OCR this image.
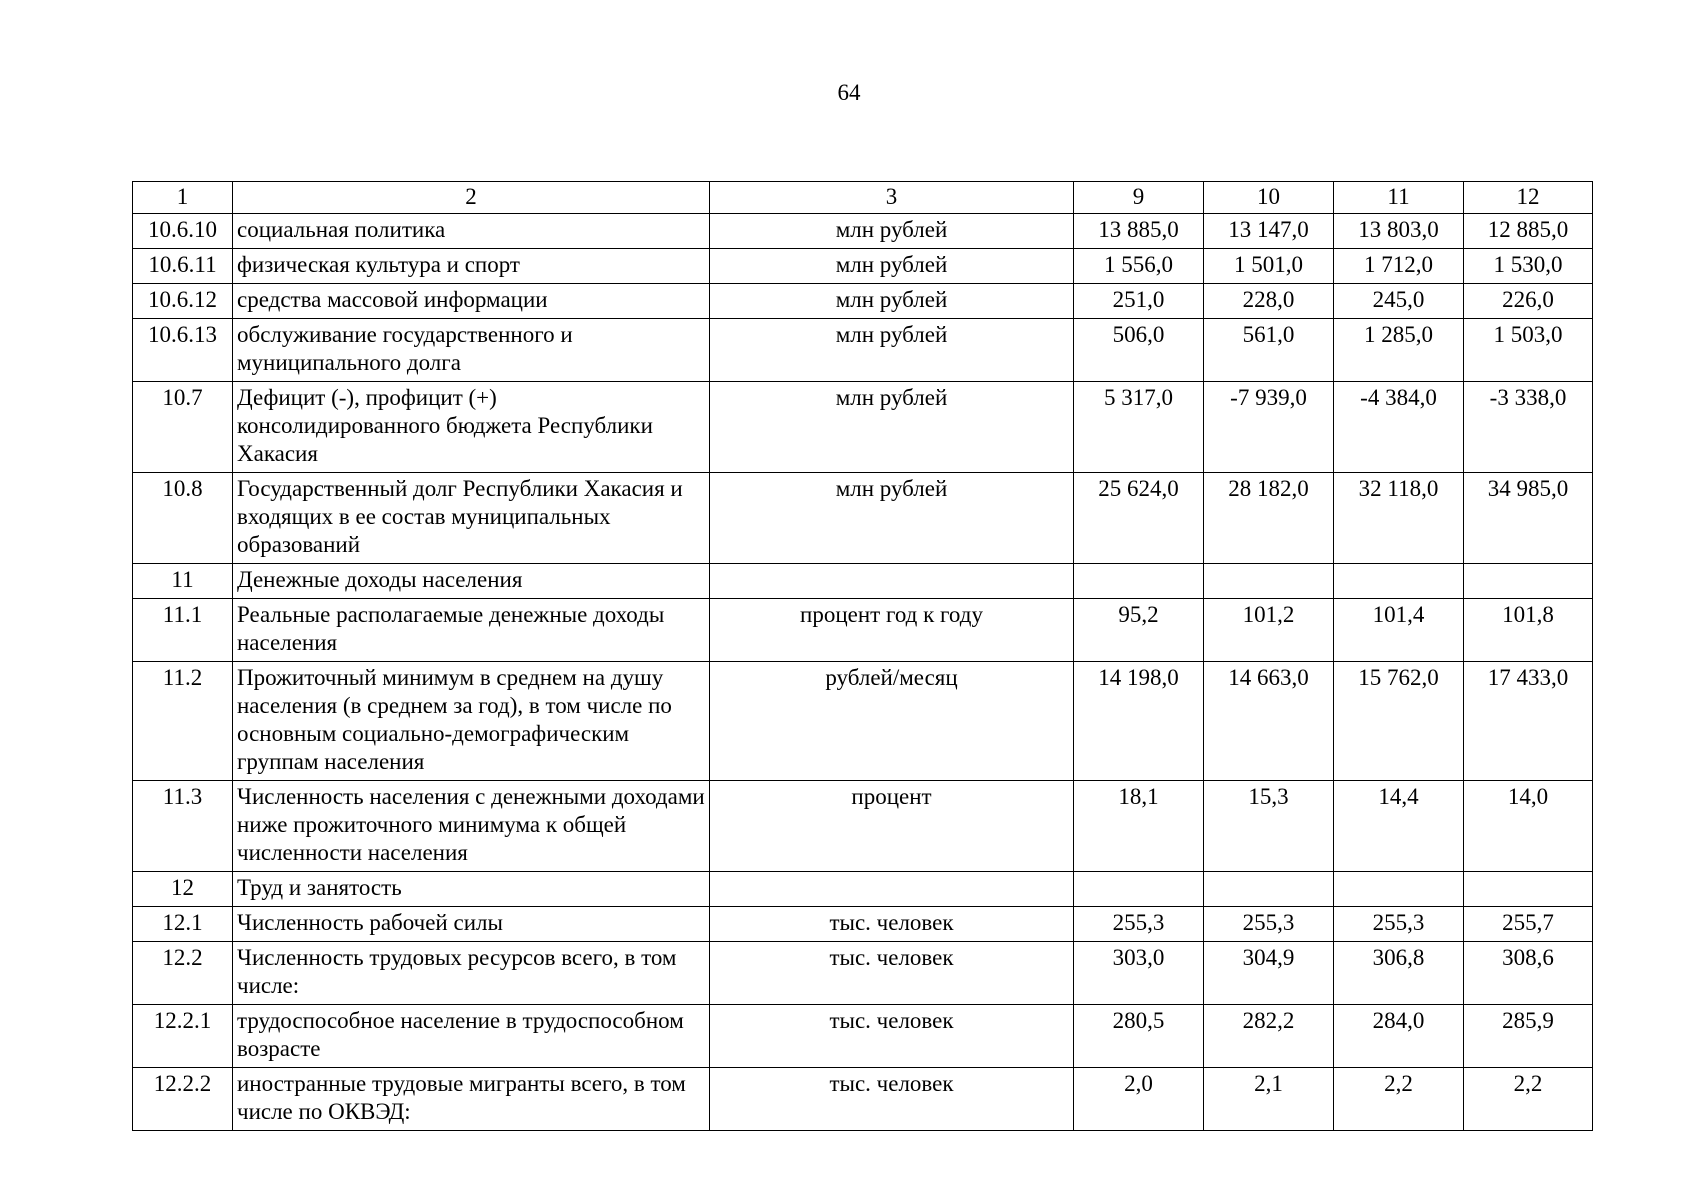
64
1	2	3	9	10	11	12
10.6.10	социальная политика	млн рублей	13 885,0	13 147,0	13 803,0	12 885,0
10.6.11	физическая культура и спорт	млн рублей	1 556,0	1 501,0	1 712,0	1 530,0
10.6.12	средства массовой информации	млн рублей	251,0	228,0	245,0	226,0
10.6.13	обслуживание государственного и муниципального долга	млн рублей	506,0	561,0	1 285,0	1 503,0
10.7	Дефицит (-), профицит (+) консолидированного бюджета Республики Хакасия	млн рублей	5 317,0	-7 939,0	-4 384,0	-3 338,0
10.8	Государственный долг Республики Хакасия и входящих в ее состав муниципальных образований	млн рублей	25 624,0	28 182,0	32 118,0	34 985,0
11	Денежные доходы населения					
11.1	Реальные располагаемые денежные доходы населения	процент год к году	95,2	101,2	101,4	101,8
11.2	Прожиточный минимум в среднем на душу населения (в среднем за год), в том числе по основным социально-демографическим группам населения	рублей/месяц	14 198,0	14 663,0	15 762,0	17 433,0
11.3	Численность населения с денежными доходами ниже прожиточного минимума к общей численности населения	процент	18,1	15,3	14,4	14,0
12	Труд и занятость					
12.1	Численность рабочей силы	тыс. человек	255,3	255,3	255,3	255,7
12.2	Численность трудовых ресурсов всего, в том числе:	тыс. человек	303,0	304,9	306,8	308,6
12.2.1	трудоспособное население в трудоспособном возрасте	тыс. человек	280,5	282,2	284,0	285,9
12.2.2	иностранные трудовые мигранты всего, в том числе по ОКВЭД:	тыс. человек	2,0	2,1	2,2	2,2
